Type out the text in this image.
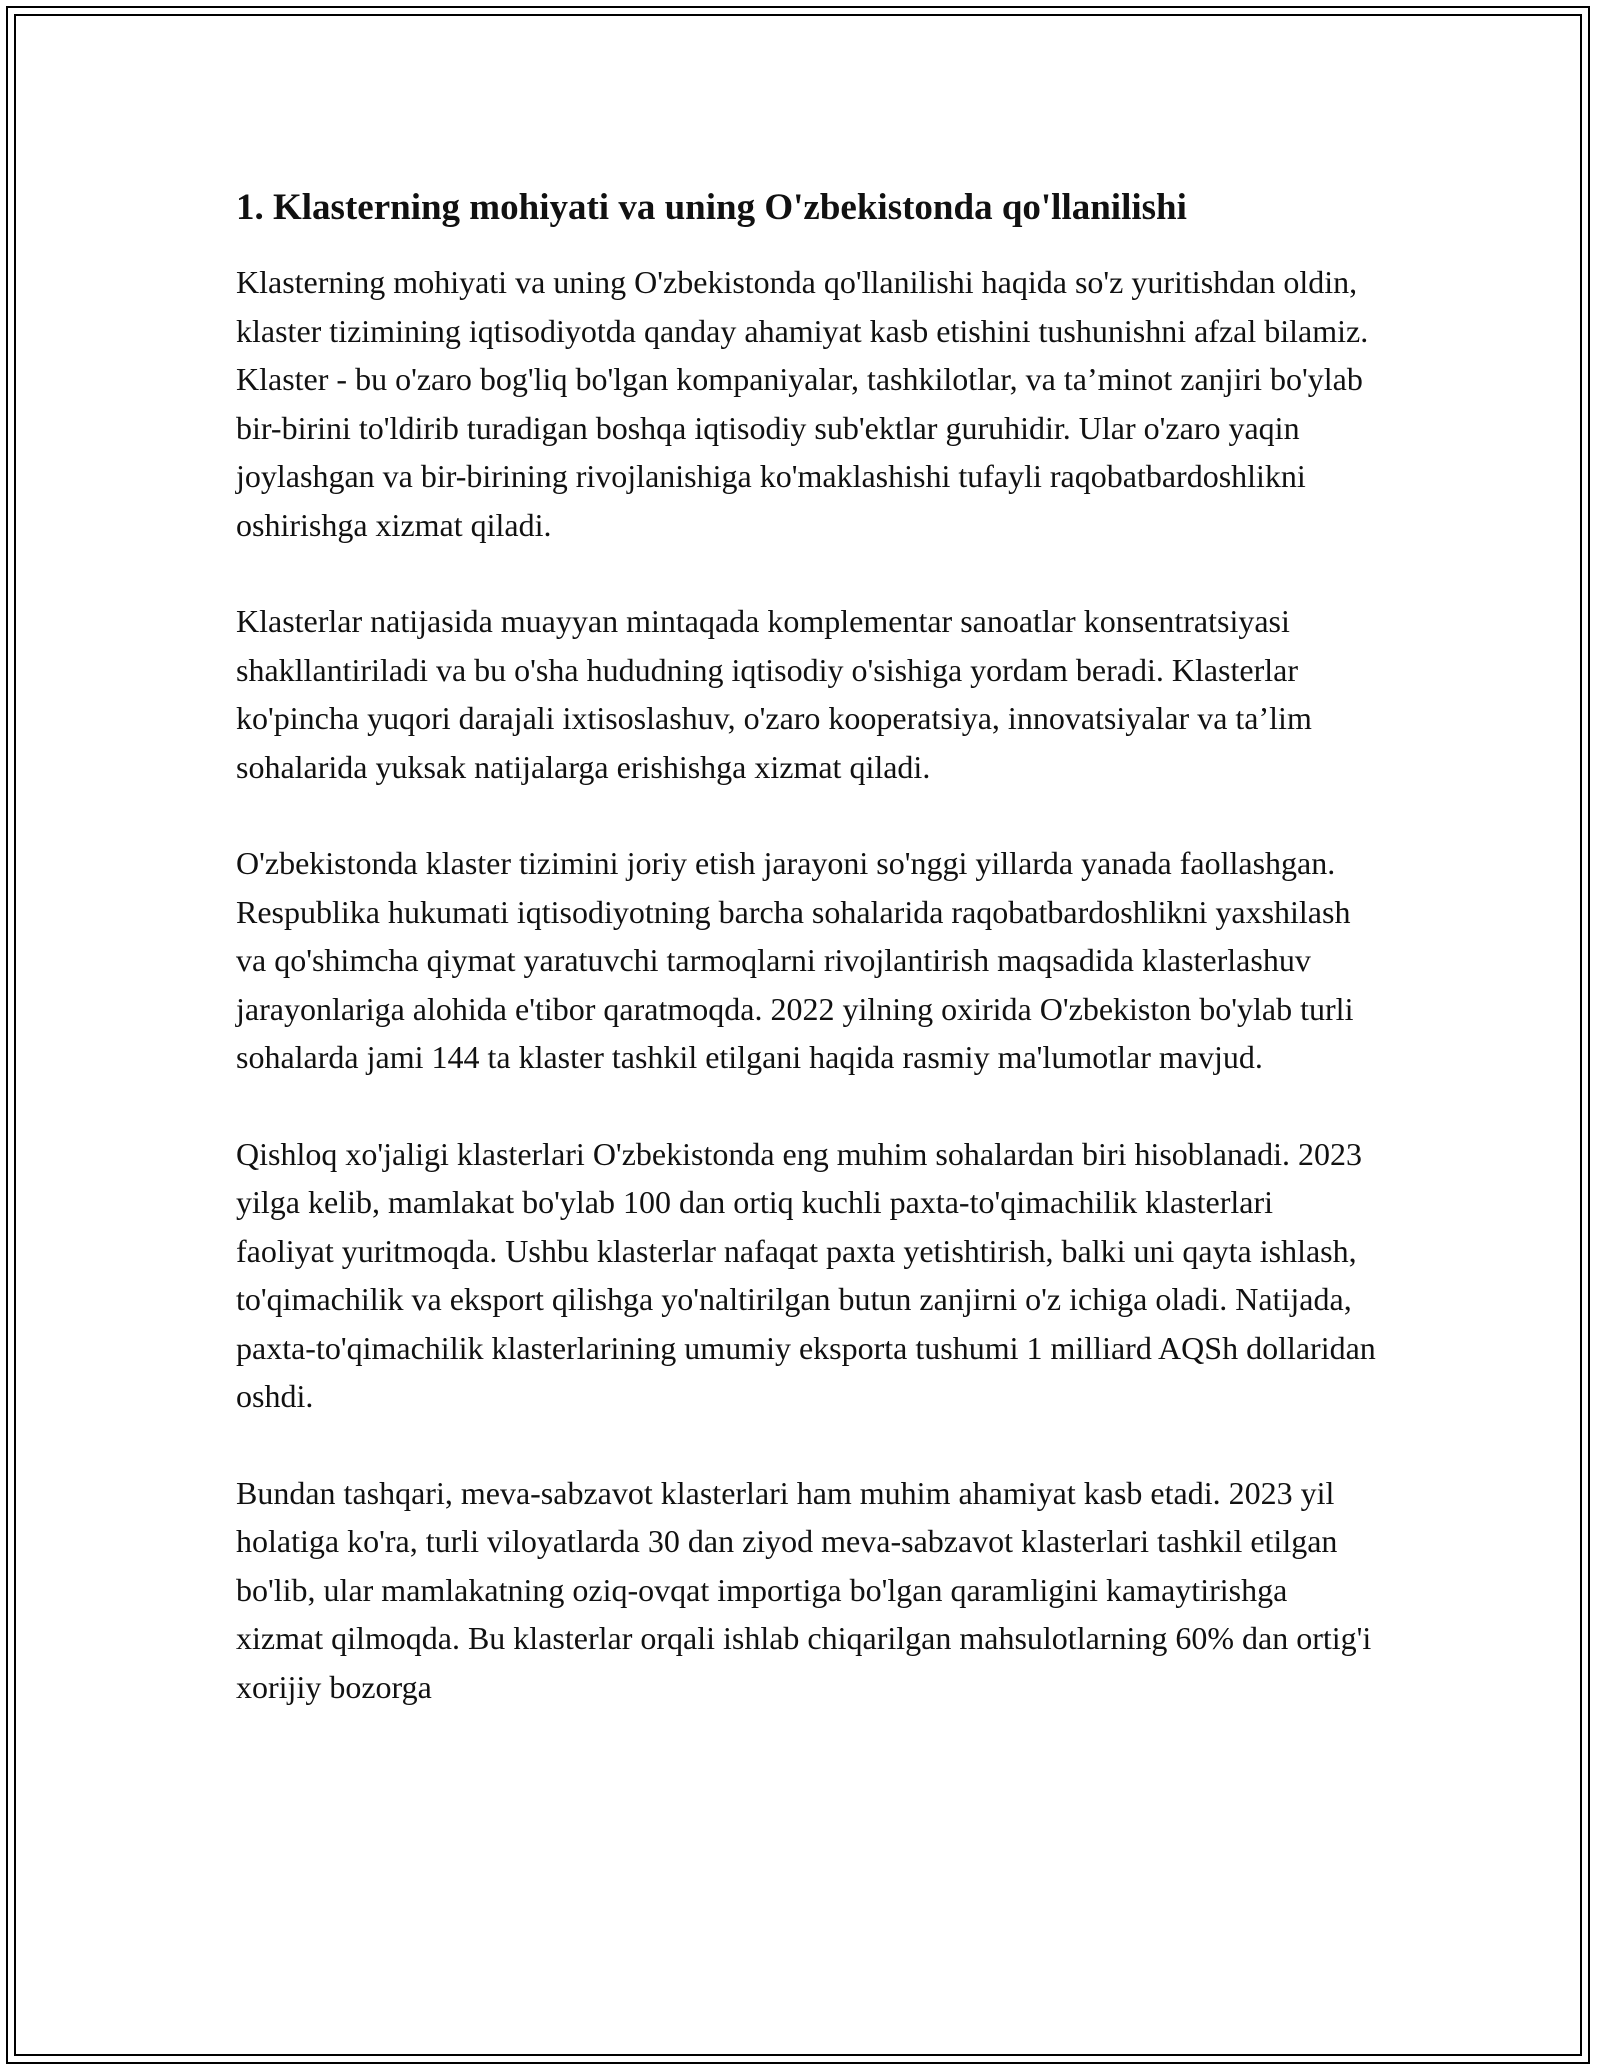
1. Klasterning mohiyati va uning O'zbekistonda qo'llanilishi

Klasterning mohiyati va uning O'zbekistonda qo'llanilishi haqida so'z yuritishdan oldin, klaster tizimining iqtisodiyotda qanday ahamiyat kasb etishini tushunishni afzal bilamiz. Klaster - bu o'zaro bog'liq bo'lgan kompaniyalar, tashkilotlar, va ta’minot zanjiri bo'ylab bir-birini to'ldirib turadigan boshqa iqtisodiy sub'ektlar guruhidir. Ular o'zaro yaqin joylashgan va bir-birining rivojlanishiga ko'maklashishi tufayli raqobatbardoshlikni oshirishga xizmat qiladi.

Klasterlar natijasida muayyan mintaqada komplementar sanoatlar konsentratsiyasi shakllantiriladi va bu o'sha hududning iqtisodiy o'sishiga yordam beradi. Klasterlar ko'pincha yuqori darajali ixtisoslashuv, o'zaro kooperatsiya, innovatsiyalar va ta’lim sohalarida yuksak natijalarga erishishga xizmat qiladi.

O'zbekistonda klaster tizimini joriy etish jarayoni so'nggi yillarda yanada faollashgan. Respublika hukumati iqtisodiyotning barcha sohalarida raqobatbardoshlikni yaxshilash va qo'shimcha qiymat yaratuvchi tarmoqlarni rivojlantirish maqsadida klasterlashuv jarayonlariga alohida e'tibor qaratmoqda. 2022 yilning oxirida O'zbekiston bo'ylab turli sohalarda jami 144 ta klaster tashkil etilgani haqida rasmiy ma'lumotlar mavjud.

Qishloq xo'jaligi klasterlari O'zbekistonda eng muhim sohalardan biri hisoblanadi. 2023 yilga kelib, mamlakat bo'ylab 100 dan ortiq kuchli paxta-to'qimachilik klasterlari faoliyat yuritmoqda. Ushbu klasterlar nafaqat paxta yetishtirish, balki uni qayta ishlash, to'qimachilik va eksport qilishga yo'naltirilgan butun zanjirni o'z ichiga oladi. Natijada, paxta-to'qimachilik klasterlarining umumiy eksporta tushumi 1 milliard AQSh dollaridan oshdi.

Bundan tashqari, meva-sabzavot klasterlari ham muhim ahamiyat kasb etadi. 2023 yil holatiga ko'ra, turli viloyatlarda 30 dan ziyod meva-sabzavot klasterlari tashkil etilgan bo'lib, ular mamlakatning oziq-ovqat importiga bo'lgan qaramligini kamaytirishga xizmat qilmoqda. Bu klasterlar orqali ishlab chiqarilgan mahsulotlarning 60% dan ortig'i xorijiy bozorga
